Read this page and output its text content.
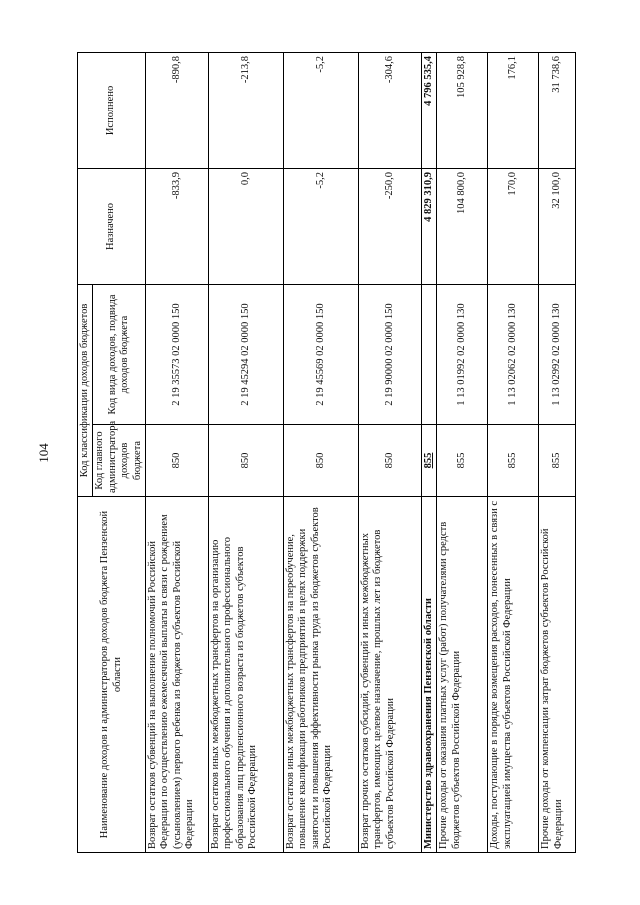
104
Наименование доходов и администраторов доходов бюджета Пензенской области	Код классификации доходов бюджетов		Назначено	Исполнено
	Код главного администратора доходов бюджета	Код вида доходов, подвида доходов бюджета		
Возврат остатков субвенций на выполнение полномочий Российской Федерации по осуществлению ежемесячной выплаты в связи с рождением (усыновлением) первого ребенка из бюджетов субъектов Российской Федерации	850	2 19 35573 02 0000 150	-833,9	-890,8
Возврат остатков иных межбюджетных трансфертов на организацию профессионального обучения и дополнительного профессионального образования лиц предпенсионного возраста из бюджетов субъектов Российской Федерации	850	2 19 45294 02 0000 150	0,0	-213,8
Возврат остатков иных межбюджетных трансфертов на переобучение, повышение квалификации работников предприятий в целях поддержки занятости и повышения эффективности рынка труда из бюджетов субъектов Российской Федерации	850	2 19 45569 02 0000 150	-5,2	-5,2
Возврат прочих остатков субсидий, субвенций и иных межбюджетных трансфертов, имеющих целевое назначение, прошлых лет из бюджетов субъектов Российской Федерации	850	2 19 90000 02 0000 150	-250,0	-304,6
Министерство здравоохранения Пензенской области	855		4 829 310,9	4 796 535,4
Прочие доходы от оказания платных услуг (работ) получателями средств бюджетов субъектов Российской Федерации	855	1 13 01992 02 0000 130	104 800,0	105 928,8
Доходы, поступающие в порядке возмещения расходов, понесенных в связи с эксплуатацией имущества субъектов Российской Федерации	855	1 13 02062 02 0000 130	170,0	176,1
Прочие доходы от компенсации затрат бюджетов субъектов Российской Федерации	855	1 13 02992 02 0000 130	32 100,0	31 738,6
